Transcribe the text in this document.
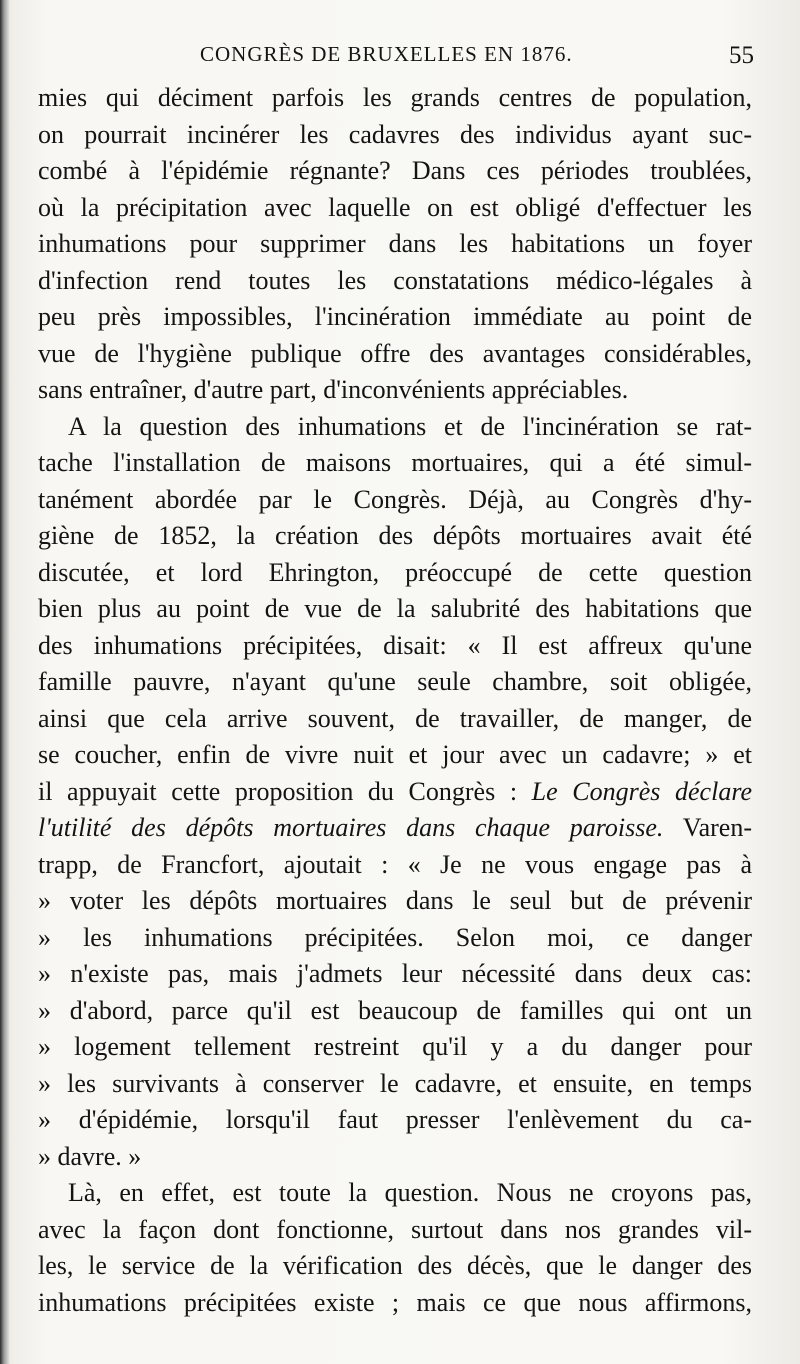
CONGRÈS DE BRUXELLES EN 1876.	55
mies qui déciment parfois les grands centres de population,
on pourrait incinérer les cadavres des individus ayant suc-
combé à l'épidémie régnante? Dans ces périodes troublées,
où la précipitation avec laquelle on est obligé d'effectuer les
inhumations pour supprimer dans les habitations un foyer
d'infection rend toutes les constatations médico-légales à
peu près impossibles, l'incinération immédiate au point de
vue de l'hygiène publique offre des avantages considérables,
sans entraîner, d'autre part, d'inconvénients appréciables.
A la question des inhumations et de l'incinération se rat-
tache l'installation de maisons mortuaires, qui a été simul-
tanément abordée par le Congrès. Déjà, au Congrès d'hy-
giène de 1852, la création des dépôts mortuaires avait été
discutée, et lord Ehrington, préoccupé de cette question
bien plus au point de vue de la salubrité des habitations que
des inhumations précipitées, disait: « Il est affreux qu'une
famille pauvre, n'ayant qu'une seule chambre, soit obligée,
ainsi que cela arrive souvent, de travailler, de manger, de
se coucher, enfin de vivre nuit et jour avec un cadavre; » et
il appuyait cette proposition du Congrès : Le Congrès déclare
l'utilité des dépôts mortuaires dans chaque paroisse. Varen-
trapp, de Francfort, ajoutait : « Je ne vous engage pas à
» voter les dépôts mortuaires dans le seul but de prévenir
» les inhumations précipitées. Selon moi, ce danger
» n'existe pas, mais j'admets leur nécessité dans deux cas:
» d'abord, parce qu'il est beaucoup de familles qui ont un
» logement tellement restreint qu'il y a du danger pour
» les survivants à conserver le cadavre, et ensuite, en temps
» d'épidémie, lorsqu'il faut presser l'enlèvement du ca-
» davre. »
Là, en effet, est toute la question. Nous ne croyons pas,
avec la façon dont fonctionne, surtout dans nos grandes vil-
les, le service de la vérification des décès, que le danger des
inhumations précipitées existe ; mais ce que nous affirmons,
